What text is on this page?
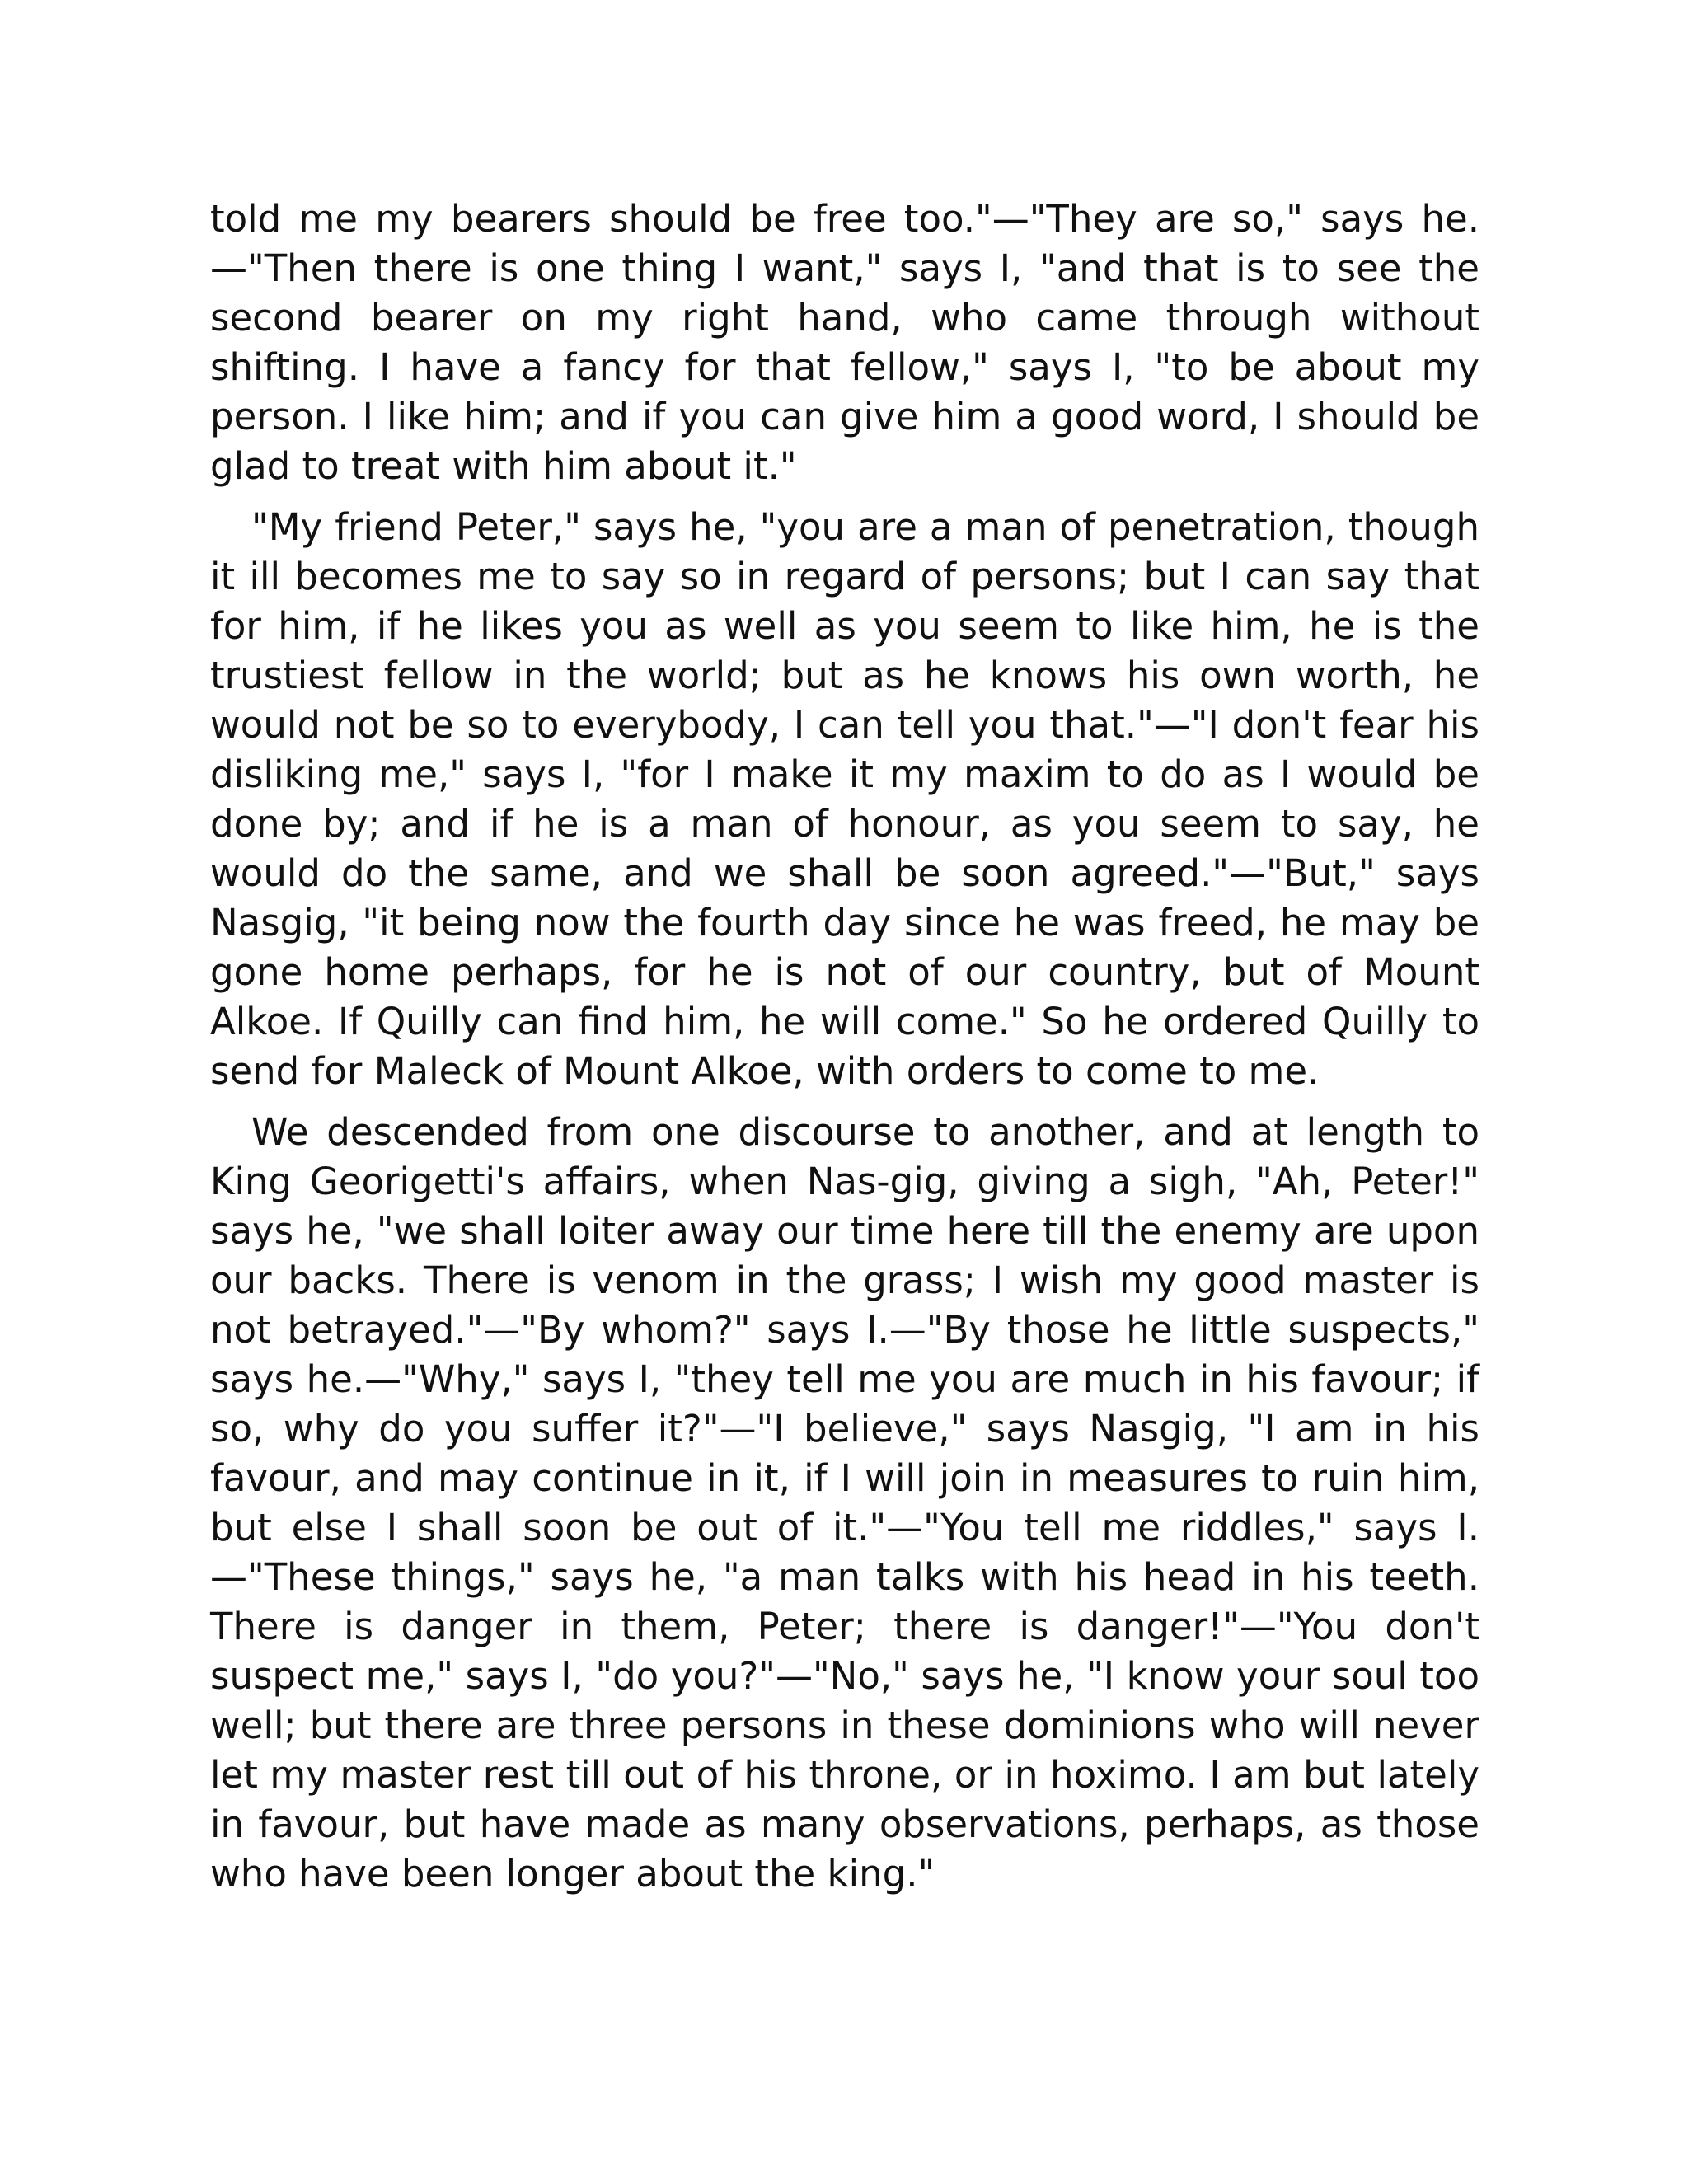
told me my bearers should be free too."—"They are so," says he.—"Then there is one thing I want," says I, "and that is to see the second bearer on my right hand, who came through without shifting. I have a fancy for that fellow," says I, "to be about my person. I like him; and if you can give him a good word, I should be glad to treat with him about it."

"My friend Peter," says he, "you are a man of penetration, though it ill becomes me to say so in regard of persons; but I can say that for him, if he likes you as well as you seem to like him, he is the trustiest fellow in the world; but as he knows his own worth, he would not be so to everybody, I can tell you that."—"I don't fear his disliking me," says I, "for I make it my maxim to do as I would be done by; and if he is a man of honour, as you seem to say, he would do the same, and we shall be soon agreed."—"But," says Nasgig, "it being now the fourth day since he was freed, he may be gone home perhaps, for he is not of our country, but of Mount Alkoe. If Quilly can find him, he will come." So he ordered Quilly to send for Maleck of Mount Alkoe, with orders to come to me.

We descended from one discourse to another, and at length to King Georigetti's affairs, when Nas-gig, giving a sigh, "Ah, Peter!" says he, "we shall loiter away our time here till the enemy are upon our backs. There is venom in the grass; I wish my good master is not betrayed."—"By whom?" says I.—"By those he little suspects," says he.—"Why," says I, "they tell me you are much in his favour; if so, why do you suffer it?"—"I believe," says Nasgig, "I am in his favour, and may continue in it, if I will join in measures to ruin him, but else I shall soon be out of it."—"You tell me riddles," says I.—"These things," says he, "a man talks with his head in his teeth. There is danger in them, Peter; there is danger!"—"You don't suspect me," says I, "do you?"—"No," says he, "I know your soul too well; but there are three persons in these dominions who will never let my master rest till out of his throne, or in hoximo. I am but lately in favour, but have made as many observations, perhaps, as those who have been longer about the king."
